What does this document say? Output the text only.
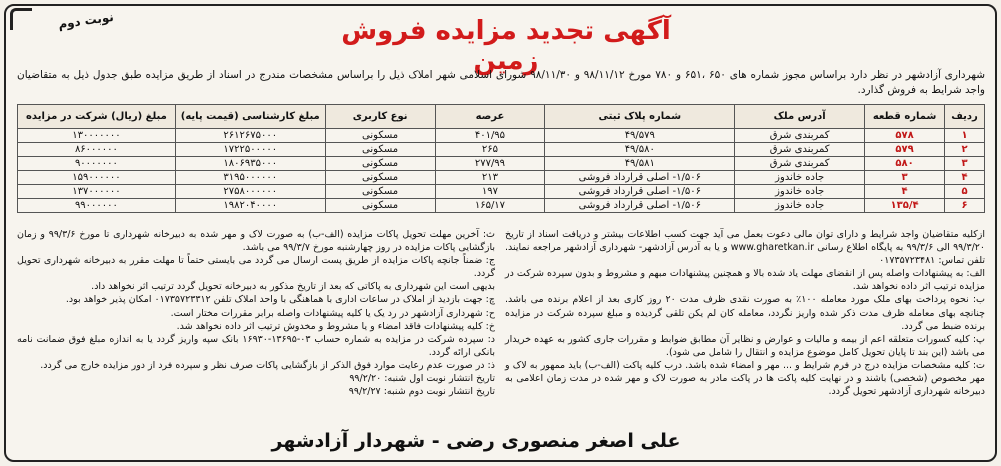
نوبت دوم	آگهی تجدید مزایده فروش زمین
شهرداری آزادشهر در نظر دارد براساس مجوز شماره های ۶۵۰ ،۶۵۱ و ۷۸۰ مورخ ۹۸/۱۱/۱۲ و ۹۸/۱۱/۳۰ شورای اسلامی شهر املاک ذیل را براساس مشخصات مندرج در اسناد از طریق مزایده طبق جدول ذیل به متقاضیان واجد شرایط به فروش گذارد.
ردیف	شماره قطعه	آدرس ملک	شماره پلاک ثبتی	عرصه	نوع کاربری	مبلغ کارشناسی (قیمت پایه)	مبلغ (ریال) شرکت در مزایده
۱	۵۷۸	کمربندی شرق	۴۹/۵۷۹	۴۰۱/۹۵	مسکونی	۲۶۱۲۶۷۵۰۰۰	۱۳۰۰۰۰۰۰۰
۲	۵۷۹	کمربندی شرق	۴۹/۵۸۰	۲۶۵	مسکونی	۱۷۲۲۵۰۰۰۰۰	۸۶۰۰۰۰۰۰
۳	۵۸۰	کمربندی شرق	۴۹/۵۸۱	۲۷۷/۹۹	مسکونی	۱۸۰۶۹۳۵۰۰۰	۹۰۰۰۰۰۰۰
۴	۳	جاده خاندوز	۱/۵۰۶- اصلی قرارداد فروشی	۲۱۳	مسکونی	۳۱۹۵۰۰۰۰۰۰	۱۵۹۰۰۰۰۰۰
۵	۴	جاده خاندوز	۱/۵۰۶- اصلی قرارداد فروشی	۱۹۷	مسکونی	۲۷۵۸۰۰۰۰۰۰	۱۳۷۰۰۰۰۰۰
۶	۱۳۵/۴	جاده خاندوز	۱/۵۰۶- اصلی قرارداد فروشی	۱۶۵/۱۷	مسکونی	۱۹۸۲۰۴۰۰۰۰	۹۹۰۰۰۰۰۰

ازکلیه متقاضیان واجد شرایط و دارای توان مالی دعوت بعمل می آید جهت کسب اطلاعات بیشتر و دریافت اسناد از تاریخ ۹۹/۳/۲۰ الی ۹۹/۳/۶ به پایگاه اطلاع رسانی www.gharetkan.ir و یا به آدرس آزادشهر- شهرداری آزادشهر مراجعه نمایند. تلفن تماس: ۰۱۷۳۵۷۲۳۴۸۱

الف: به پیشنهادات واصله پس از انقضای مهلت یاد شده بالا و همچنین پیشنهادات مبهم و مشروط و بدون سپرده شرکت در مزایده ترتیب اثر داده نخواهد شد.

ب: نحوه پرداخت بهای ملک مورد معامله ۱۰۰٪ به صورت نقدی ظرف مدت ۲۰ روز کاری بعد از اعلام برنده می باشد. چنانچه بهای معامله ظرف مدت ذکر شده واریز نگردد، معامله کان لم یکن تلقی گردیده و مبلغ سپرده شرکت در مزایده برنده ضبط می گردد.

پ: کلیه کسورات متعلقه اعم از بیمه و مالیات و عوارض و نظایر آن مطابق ضوابط و مقررات جاری کشور به عهده خریدار می باشد (این بند تا پایان تحویل کامل موضوع مزایده و انتقال را شامل می شود).

ت: کلیه مشخصات مزایده درج در فرم شرایط و ... مهر و امضاء شده باشد. درب کلیه پاکت (الف-ب) باید ممهور به لاک و مهر مخصوص (شخصی) باشند و در نهایت کلیه پاکت ها در پاکت مادر به صورت لاک و مهر شده در مدت زمان اعلامی به دبیرخانه شهرداری آزادشهر تحویل گردد.

ث: آخرین مهلت تحویل پاکات مزایده (الف-ب) به صورت لاک و مهر شده به دبیرخانه شهرداری تا مورخ ۹۹/۳/۶ و زمان بازگشایی پاکات مزایده در روز چهارشنبه مورخ ۹۹/۳/۷ می باشد.

ج: ضمناً جانچه پاکات مزایده از طریق پست ارسال می گردد می بایستی حتماً تا مهلت مقرر به دبیرخانه شهرداری تحویل گردد.

بدیهی است این شهرداری به پاکاتی که بعد از تاریخ مذکور به دبیرخانه تحویل گردد ترتیب اثر نخواهد داد.

چ: جهت بازدید از املاک در ساعات اداری با هماهنگی با واحد املاک تلفن ۰۱۷۳۵۷۲۳۳۱۲ امکان پذیر خواهد بود.

ح: شهرداری آزادشهر در رد یک یا کلیه پیشنهادات واصله برابر مقررات مختار است.

خ: کلیه پیشنهادات فاقد امضاء و یا مشروط و مخدوش ترتیب اثر داده نخواهد شد.

د: سپرده شرکت در مزایده به شماره حساب ۰۳-۱۳۶۹۵-۱۶۹۳۰ بانک سپه واریز گردد یا به اندازه مبلغ فوق ضمانت نامه بانکی ارائه گردد.

ذ: در صورت عدم رعایت موارد فوق الذکر از بازگشایی پاکات صرف نظر و سپرده فرد از دور مزایده خارج می گردد.

تاریخ انتشار نوبت اول شنبه: ۹۹/۲/۲۰

تاریخ انتشار نوبت دوم شنبه: ۹۹/۲/۲۷

علی اصغر منصوری رضی - شهردار آزادشهر
